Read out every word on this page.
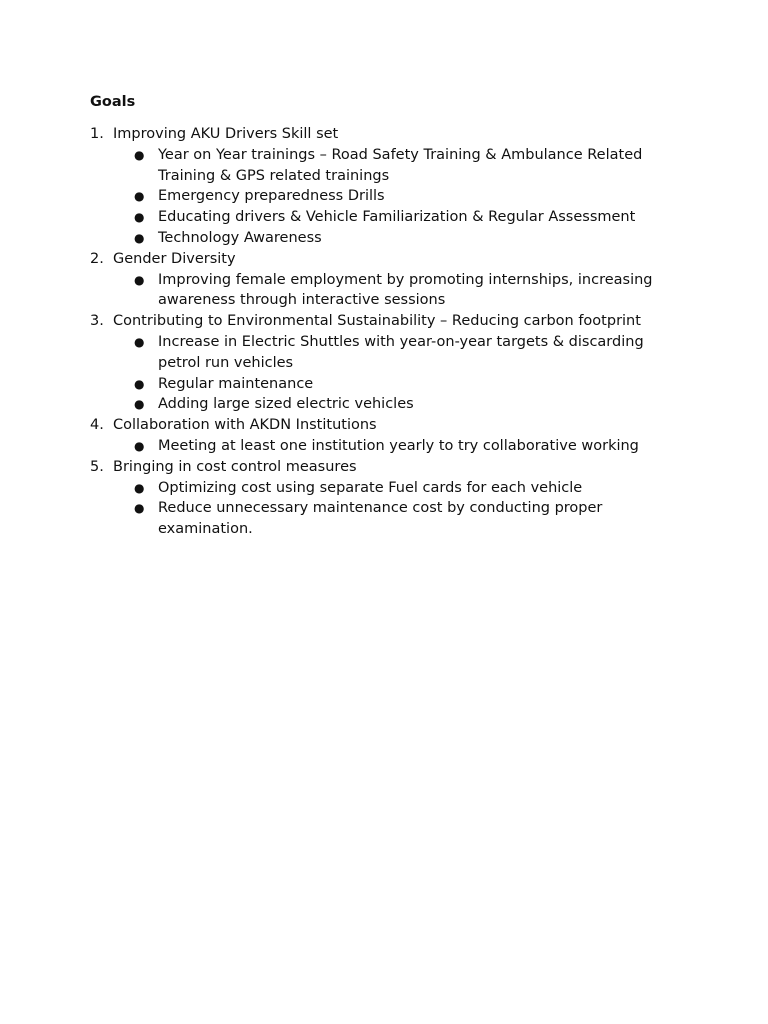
Goals
1. Improving AKU Drivers Skill set
● Year on Year trainings – Road Safety Training & Ambulance Related Training & GPS related trainings
● Emergency preparedness Drills
● Educating drivers & Vehicle Familiarization & Regular Assessment
● Technology Awareness
2. Gender Diversity
● Improving female employment by promoting internships, increasing awareness through interactive sessions
3. Contributing to Environmental Sustainability – Reducing carbon footprint
● Increase in Electric Shuttles with year-on-year targets & discarding petrol run vehicles
● Regular maintenance
● Adding large sized electric vehicles
4. Collaboration with AKDN Institutions
● Meeting at least one institution yearly to try collaborative working
5. Bringing in cost control measures
● Optimizing cost using separate Fuel cards for each vehicle
● Reduce unnecessary maintenance cost by conducting proper examination.
